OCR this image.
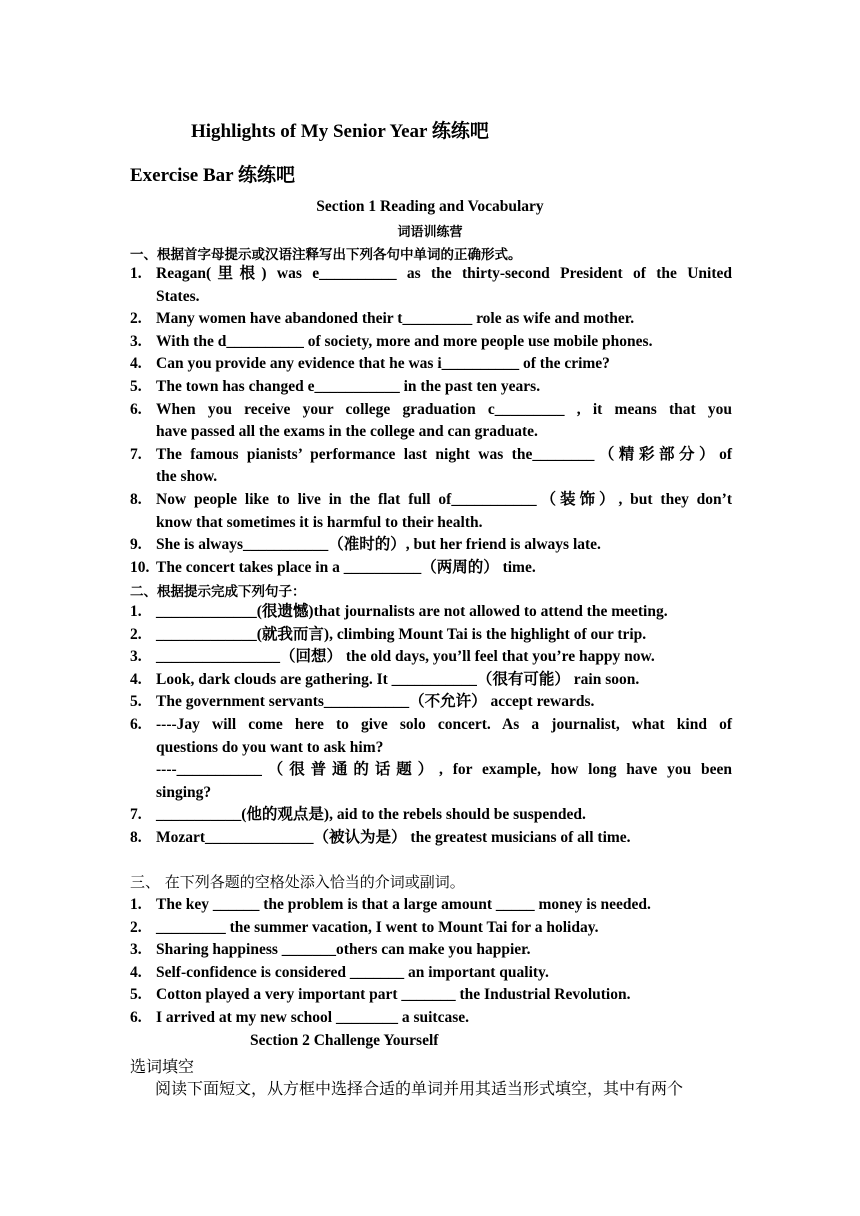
Highlights of My Senior Year 练练吧
Exercise Bar 练练吧
Section 1 Reading and Vocabulary
词语训练营
一、根据首字母提示或汉语注释写出下列各句中单词的正确形式。
1. Reagan(里根) was e__________ as the thirty-second President of the United
States.
2. Many women have abandoned their t_________ role as wife and mother.
3. With the d__________ of society, more and more people use mobile phones.
4. Can you provide any evidence that he was i__________ of the crime?
5. The town has changed e___________ in the past ten years.
6. When you receive your college graduation c_________ , it means that you
have passed all the exams in the college and can graduate.
7. The famous pianists’ performance last night was the________（精彩部分）of
the show.
8. Now people like to live in the flat full of___________（装饰）, but they don’t
know that sometimes it is harmful to their health.
9. She is always___________（准时的）, but her friend is always late.
10. The concert takes place in a __________（两周的） time.
二、根据提示完成下列句子：
1. _____________(很遗憾)that journalists are not allowed to attend the meeting.
2. _____________(就我而言), climbing Mount Tai is the highlight of our trip.
3. ________________（回想） the old days, you’ll feel that you’re happy now.
4. Look, dark clouds are gathering. It ___________（很有可能） rain soon.
5. The government servants___________（不允许） accept rewards.
6. ----Jay will come here to give solo concert. As a journalist, what kind of
questions do you want to ask him?
----___________（很普通的话题）, for example, how long have you been
singing?
7. ___________(他的观点是), aid to the rebels should be suspended.
8. Mozart______________（被认为是） the greatest musicians of all time.
三、 在下列各题的空格处添入恰当的介词或副词。
1. The key ______ the problem is that a large amount _____ money is needed.
2. _________ the summer vacation, I went to Mount Tai for a holiday.
3. Sharing happiness _______others can make you happier.
4. Self-confidence is considered _______ an important quality.
5. Cotton played a very important part _______ the Industrial Revolution.
6. I arrived at my new school ________ a suitcase.
Section 2 Challenge Yourself
选词填空
阅读下面短文，从方框中选择合适的单词并用其适当形式填空，其中有两个
